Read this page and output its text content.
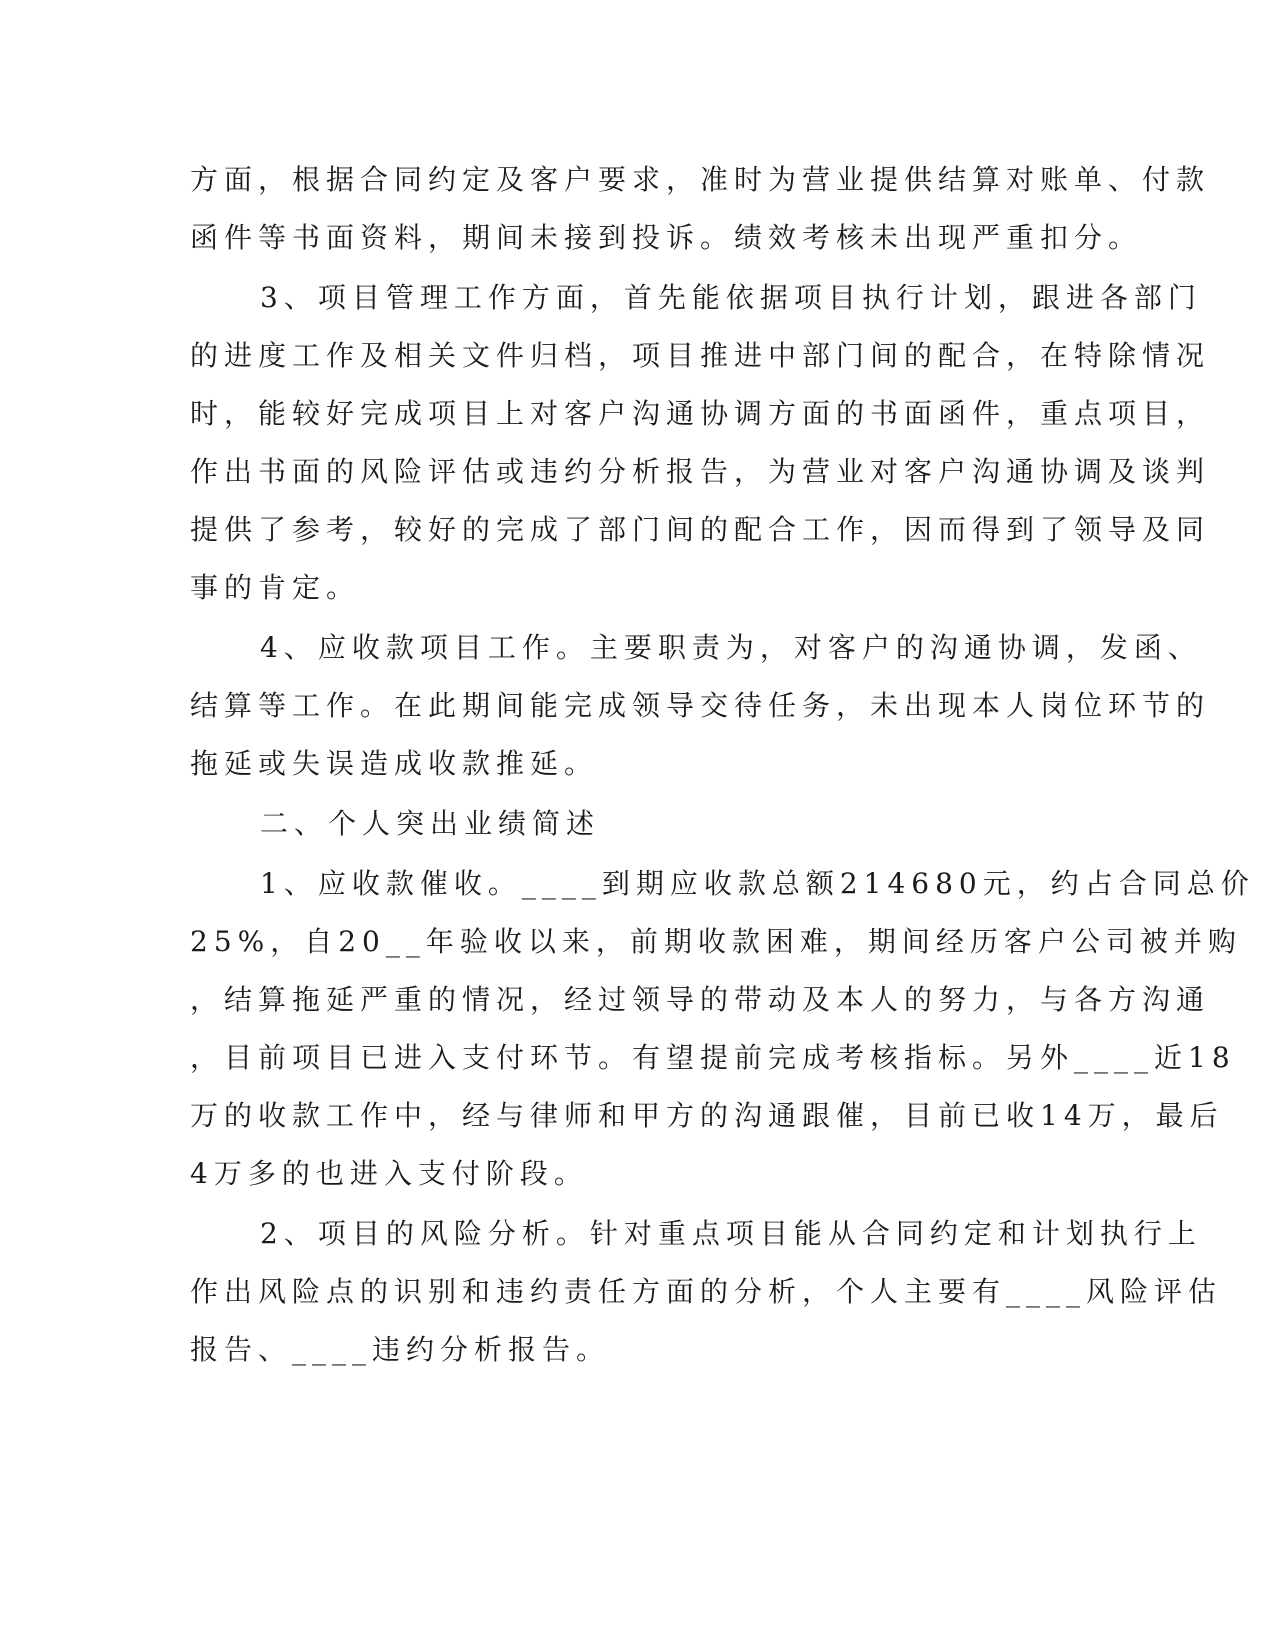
方面，根据合同约定及客户要求，准时为营业提供结算对账单、付款

函件等书面资料，期间未接到投诉。绩效考核未出现严重扣分。

3、项目管理工作方面，首先能依据项目执行计划，跟进各部门

的进度工作及相关文件归档，项目推进中部门间的配合，在特除情况

时，能较好完成项目上对客户沟通协调方面的书面函件，重点项目，

作出书面的风险评估或违约分析报告，为营业对客户沟通协调及谈判

提供了参考，较好的完成了部门间的配合工作，因而得到了领导及同

事的肯定。

4、应收款项目工作。主要职责为，对客户的沟通协调，发函、

结算等工作。在此期间能完成领导交待任务，未出现本人岗位环节的

拖延或失误造成收款推延。

二、个人突出业绩简述

1、应收款催收。____到期应收款总额214680元，约占合同总价

25%，自20__年验收以来，前期收款困难，期间经历客户公司被并购

，结算拖延严重的情况，经过领导的带动及本人的努力，与各方沟通

，目前项目已进入支付环节。有望提前完成考核指标。另外____近18

万的收款工作中，经与律师和甲方的沟通跟催，目前已收14万，最后

4万多的也进入支付阶段。

2、项目的风险分析。针对重点项目能从合同约定和计划执行上

作出风险点的识别和违约责任方面的分析，个人主要有____风险评估

报告、____违约分析报告。
